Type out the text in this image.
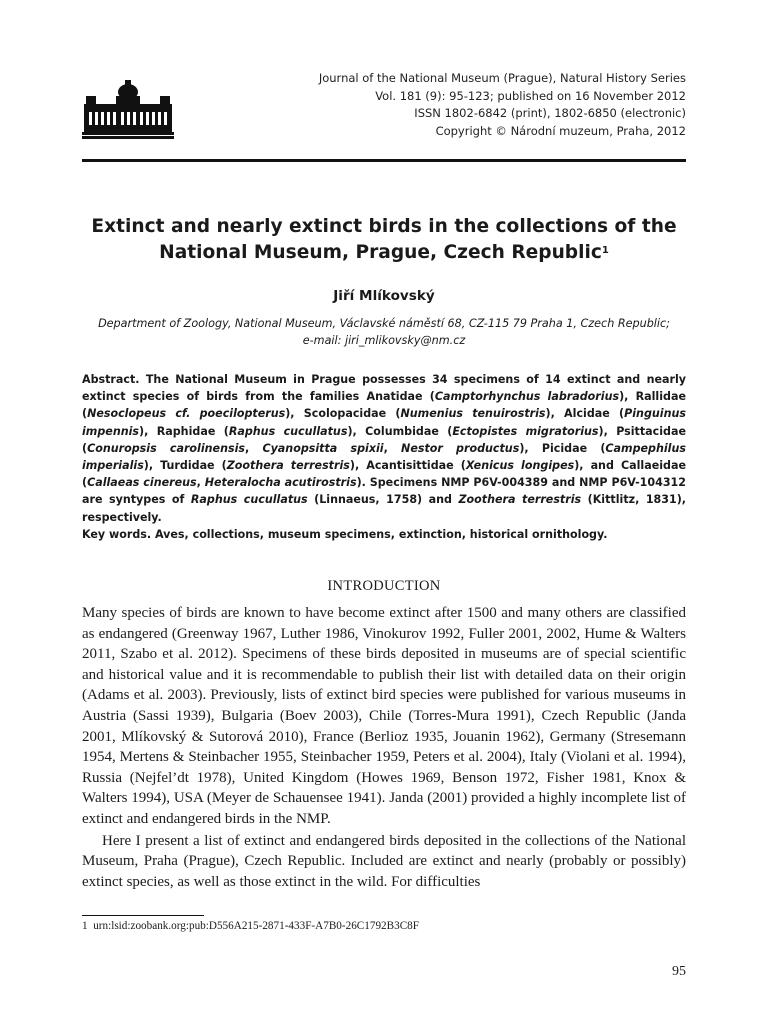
Journal of the National Museum (Prague), Natural History Series
Vol. 181 (9): 95-123; published on 16 November 2012
ISSN 1802-6842 (print), 1802-6850 (electronic)
Copyright © Národní muzeum, Praha, 2012
Extinct and nearly extinct birds in the collections of the
National Museum, Prague, Czech Republic$^1$
Jiří Mlíkovský
Department of Zoology, National Museum, Václavské náměstí 68, CZ-115 79 Praha 1, Czech Republic;
e-mail: jiri_mlikovsky@nm.cz

Abstract. The National Museum in Prague possesses 34 specimens of 14 extinct and nearly extinct species of birds from the families Anatidae (Camptorhynchus labradorius), Rallidae (Nesoclopeus cf. poecilopterus), Scolopacidae (Numenius tenuirostris), Alcidae (Pinguinus impennis), Raphidae (Raphus cucullatus), Columbidae (Ectopistes migratorius), Psittacidae (Conuropsis carolinensis, Cyanopsitta spixii, Nestor productus), Picidae (Campephilus imperialis), Turdidae (Zoothera terrestris), Acantisittidae (Xenicus longipes), and Callaeidae (Callaeas cinereus, Heteralocha acutirostris). Specimens NMP P6V-004389 and NMP P6V-104312 are syntypes of Raphus cucullatus (Linnaeus, 1758) and Zoothera terrestris (Kittlitz, 1831), respectively.

Key words. Aves, collections, museum specimens, extinction, historical ornithology.

INTRODUCTION

Many species of birds are known to have become extinct after 1500 and many others are classified as endangered (Greenway 1967, Luther 1986, Vinokurov 1992, Fuller 2001, 2002, Hume & Walters 2011, Szabo et al. 2012). Specimens of these birds deposited in museums are of special scientific and historical value and it is recommendable to publish their list with detailed data on their origin (Adams et al. 2003). Previously, lists of extinct bird species were published for various museums in Austria (Sassi 1939), Bulgaria (Boev 2003), Chile (Torres-Mura 1991), Czech Republic (Janda 2001, Mlíkovský & Sutorová 2010), France (Berlioz 1935, Jouanin 1962), Germany (Stresemann 1954, Mertens & Steinbacher 1955, Steinbacher 1959, Peters et al. 2004), Italy (Violani et al. 1994), Russia (Nejfel’dt 1978), United Kingdom (Howes 1969, Benson 1972, Fisher 1981, Knox & Walters 1994), USA (Meyer de Schauensee 1941). Janda (2001) provided a highly incomplete list of extinct and endangered birds in the NMP.

Here I present a list of extinct and endangered birds deposited in the collections of the National Museum, Praha (Prague), Czech Republic. Included are extinct and nearly (probably or possibly) extinct species, as well as those extinct in the wild. For difficulties

1 urn:lsid:zoobank.org:pub:D556A215-2871-433F-A7B0-26C1792B3C8F
95
